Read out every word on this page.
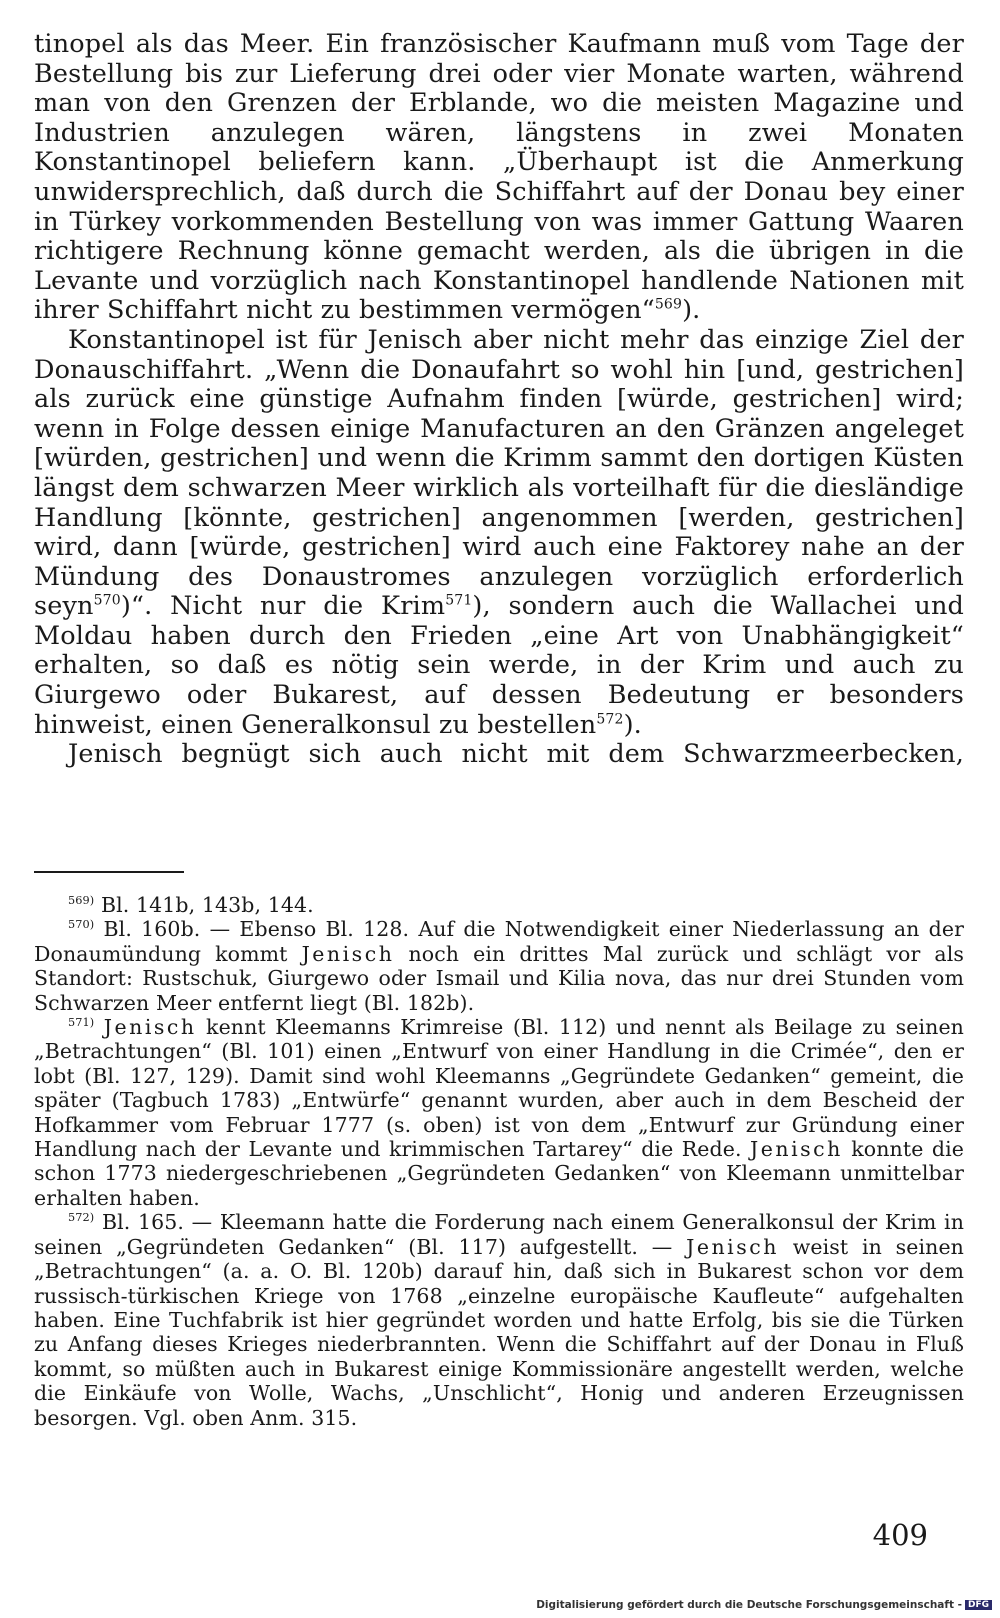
tinopel als das Meer. Ein französischer Kaufmann muß vom Tage der Bestellung bis zur Lieferung drei oder vier Monate warten, während man von den Grenzen der Erblande, wo die meisten Magazine und Industrien anzulegen wären, längstens in zwei Monaten Konstantinopel beliefern kann. „Überhaupt ist die Anmerkung unwidersprechlich, daß durch die Schiffahrt auf der Donau bey einer in Türkey vorkommenden Bestellung von was immer Gattung Waaren richtigere Rechnung könne gemacht werden, als die übrigen in die Levante und vorzüglich nach Konstantinopel handlende Nationen mit ihrer Schiffahrt nicht zu bestimmen vermögen“$^{569}$).

Konstantinopel ist für Jenisch aber nicht mehr das einzige Ziel der Donauschiffahrt. „Wenn die Donaufahrt so wohl hin [und, gestrichen] als zurück eine günstige Aufnahm finden [würde, gestrichen] wird; wenn in Folge dessen einige Manufacturen an den Gränzen angeleget [würden, gestrichen] und wenn die Krimm sammt den dortigen Küsten längst dem schwarzen Meer wirklich als vorteilhaft für die diesländige Handlung [könnte, gestrichen] angenommen [werden, gestrichen] wird, dann [würde, gestrichen] wird auch eine Faktorey nahe an der Mündung des Donaustromes anzulegen vorzüglich erforderlich seyn$^{570}$)“. Nicht nur die Krim$^{571}$), sondern auch die Wallachei und Moldau haben durch den Frieden „eine Art von Unabhängigkeit“ erhalten, so daß es nötig sein werde, in der Krim und auch zu Giurgewo oder Bukarest, auf dessen Bedeutung er besonders hinweist, einen Generalkonsul zu bestellen$^{572}$).

Jenisch begnügt sich auch nicht mit dem Schwarzmeerbecken,

$^{569)}$ Bl. 141b, 143b, 144.

$^{570)}$ Bl. 160b. — Ebenso Bl. 128. Auf die Notwendigkeit einer Niederlassung an der Donaumündung kommt Jenisch noch ein drittes Mal zurück und schlägt vor als Standort: Rustschuk, Giurgewo oder Ismail und Kilia nova, das nur drei Stunden vom Schwarzen Meer entfernt liegt (Bl. 182b).

$^{571)}$ Jenisch kennt Kleemanns Krimreise (Bl. 112) und nennt als Beilage zu seinen „Betrachtungen“ (Bl. 101) einen „Entwurf von einer Handlung in die Crimée“, den er lobt (Bl. 127, 129). Damit sind wohl Kleemanns „Gegründete Gedanken“ gemeint, die später (Tagbuch 1783) „Entwürfe“ genannt wurden, aber auch in dem Bescheid der Hofkammer vom Februar 1777 (s. oben) ist von dem „Entwurf zur Gründung einer Handlung nach der Levante und krimmischen Tartarey“ die Rede. Jenisch konnte die schon 1773 niedergeschriebenen „Gegründeten Gedanken“ von Kleemann unmittelbar erhalten haben.

$^{572)}$ Bl. 165. — Kleemann hatte die Forderung nach einem Generalkonsul der Krim in seinen „Gegründeten Gedanken“ (Bl. 117) aufgestellt. — Jenisch weist in seinen „Betrachtungen“ (a. a. O. Bl. 120b) darauf hin, daß sich in Bukarest schon vor dem russisch-türkischen Kriege von 1768 „einzelne europäische Kaufleute“ aufgehalten haben. Eine Tuchfabrik ist hier gegründet worden und hatte Erfolg, bis sie die Türken zu Anfang dieses Krieges niederbrannten. Wenn die Schiffahrt auf der Donau in Fluß kommt, so müßten auch in Bukarest einige Kommissionäre angestellt werden, welche die Einkäufe von Wolle, Wachs, „Unschlicht“, Honig und anderen Erzeugnissen besorgen. Vgl. oben Anm. 315.

409
Digitalisierung gefördert durch die Deutsche Forschungsgemeinschaft - DFG
